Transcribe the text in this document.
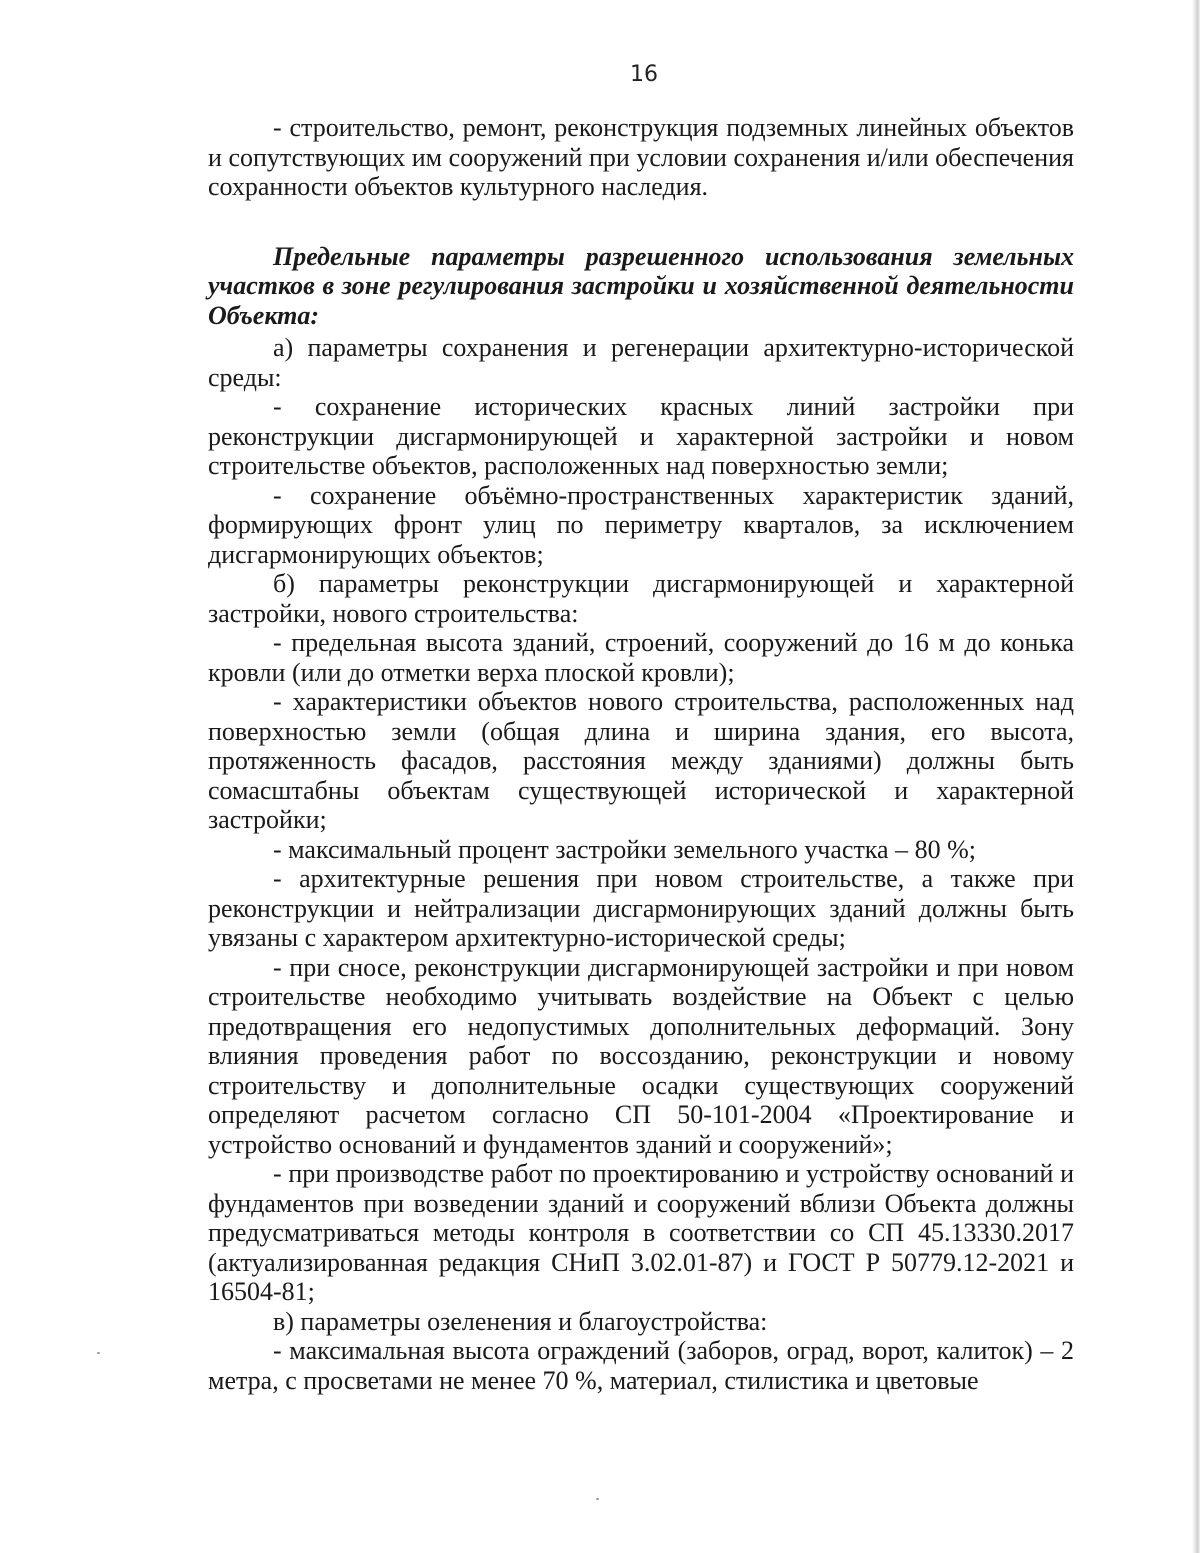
16

- строительство, ремонт, реконструкция подземных линейных объектов и сопутствующих им сооружений при условии сохранения и/или обеспечения сохранности объектов культурного наследия.

Предельные параметры разрешенного использования земельных участков в зоне регулирования застройки и хозяйственной деятельности Объекта:

а) параметры сохранения и регенерации архитектурно-исторической среды:

- сохранение исторических красных линий застройки при реконструкции дисгармонирующей и характерной застройки и новом строительстве объектов, расположенных над поверхностью земли;

- сохранение объёмно-пространственных характеристик зданий, формирующих фронт улиц по периметру кварталов, за исключением дисгармонирующих объектов;

б) параметры реконструкции дисгармонирующей и характерной застройки, нового строительства:

- предельная высота зданий, строений, сооружений до 16 м до конька кровли (или до отметки верха плоской кровли);

- характеристики объектов нового строительства, расположенных над поверхностью земли (общая длина и ширина здания, его высота, протяженность фасадов, расстояния между зданиями) должны быть сомасштабны объектам существующей исторической и характерной застройки;

- максимальный процент застройки земельного участка – 80 %;

- архитектурные решения при новом строительстве, а также при реконструкции и нейтрализации дисгармонирующих зданий должны быть увязаны с характером архитектурно-исторической среды;

- при сносе, реконструкции дисгармонирующей застройки и при новом строительстве необходимо учитывать воздействие на Объект с целью предотвращения его недопустимых дополнительных деформаций. Зону влияния проведения работ по воссозданию, реконструкции и новому строительству и дополнительные осадки существующих сооружений определяют расчетом согласно СП 50-101-2004 «Проектирование и устройство оснований и фундаментов зданий и сооружений»;

- при производстве работ по проектированию и устройству оснований и фундаментов при возведении зданий и сооружений вблизи Объекта должны предусматриваться методы контроля в соответствии со СП 45.13330.2017 (актуализированная редакция СНиП 3.02.01-87) и ГОСТ Р 50779.12-2021 и 16504-81;

в) параметры озеленения и благоустройства:

- максимальная высота ограждений (заборов, оград, ворот, калиток) – 2 метра, с просветами не менее 70 %, материал, стилистика и цветовые
